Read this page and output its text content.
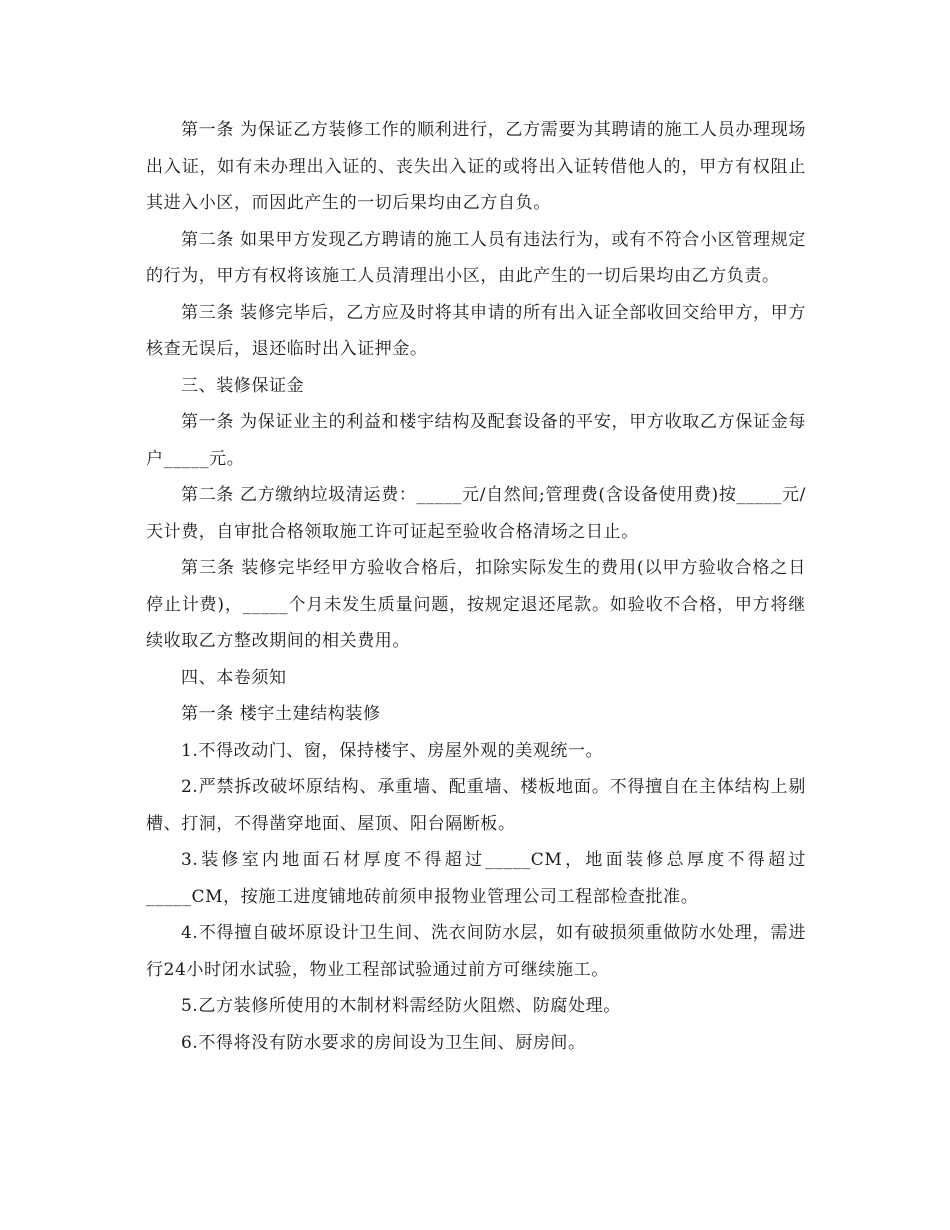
第一条 为保证乙方装修工作的顺利进行，乙方需要为其聘请的施工人员办理现场出入证，如有未办理出入证的、丧失出入证的或将出入证转借他人的，甲方有权阻止其进入小区，而因此产生的一切后果均由乙方自负。

第二条 如果甲方发现乙方聘请的施工人员有违法行为，或有不符合小区管理规定的行为，甲方有权将该施工人员清理出小区，由此产生的一切后果均由乙方负责。

第三条 装修完毕后，乙方应及时将其申请的所有出入证全部收回交给甲方，甲方核查无误后，退还临时出入证押金。

三、装修保证金

第一条 为保证业主的利益和楼宇结构及配套设备的平安，甲方收取乙方保证金每户_____元。

第二条 乙方缴纳垃圾清运费：_____元/自然间;管理费(含设备使用费)按_____元/天计费，自审批合格领取施工许可证起至验收合格清场之日止。

第三条 装修完毕经甲方验收合格后，扣除实际发生的费用(以甲方验收合格之日停止计费)，_____个月未发生质量问题，按规定退还尾款。如验收不合格，甲方将继续收取乙方整改期间的相关费用。

四、本卷须知

第一条 楼宇土建结构装修

1.不得改动门、窗，保持楼宇、房屋外观的美观统一。

2.严禁拆改破坏原结构、承重墙、配重墙、楼板地面。不得擅自在主体结构上剔槽、打洞，不得凿穿地面、屋顶、阳台隔断板。

3.装修室内地面石材厚度不得超过_____CM，地面装修总厚度不得超过_____CM，按施工进度铺地砖前须申报物业管理公司工程部检查批准。

4.不得擅自破坏原设计卫生间、洗衣间防水层，如有破损须重做防水处理，需进行24小时闭水试验，物业工程部试验通过前方可继续施工。

5.乙方装修所使用的木制材料需经防火阻燃、防腐处理。

6.不得将没有防水要求的房间设为卫生间、厨房间。
